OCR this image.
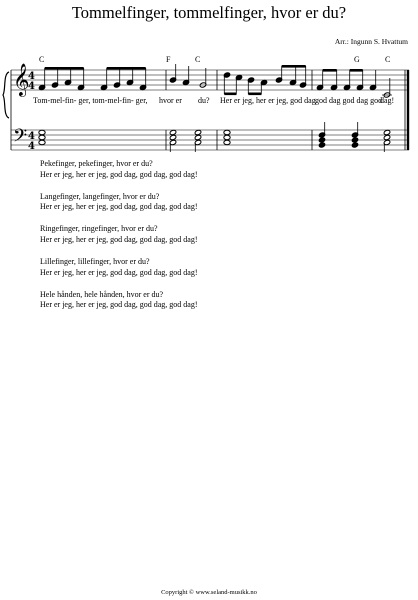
Tommelfinger, tommelfinger, hvor er du?
Arr.: Ingunn S. Hvattum
𝄞
𝄢
4
4
4
4
C	F	C	G	C
Tom-mel-fin- ger, tom-mel-fin- ger, hvor er du? Her er jeg, her er jeg, god dag god dag god dag god
dag!
Pekefinger, pekefinger, hvor er du?
Her er jeg, her er jeg, god dag, god dag, god dag!
Langefinger, langefinger, hvor er du?
Her er jeg, her er jeg, god dag, god dag, god dag!
Ringefinger, ringefinger, hvor er du?
Her er jeg, her er jeg, god dag, god dag, god dag!
Lillefinger, lillefinger, hvor er du?
Her er jeg, her er jeg, god dag, god dag, god dag!
Hele hånden, hele hånden, hvor er du?
Her er jeg, her er jeg, god dag, god dag, god dag!
Copyright © www.seland-musikk.no
